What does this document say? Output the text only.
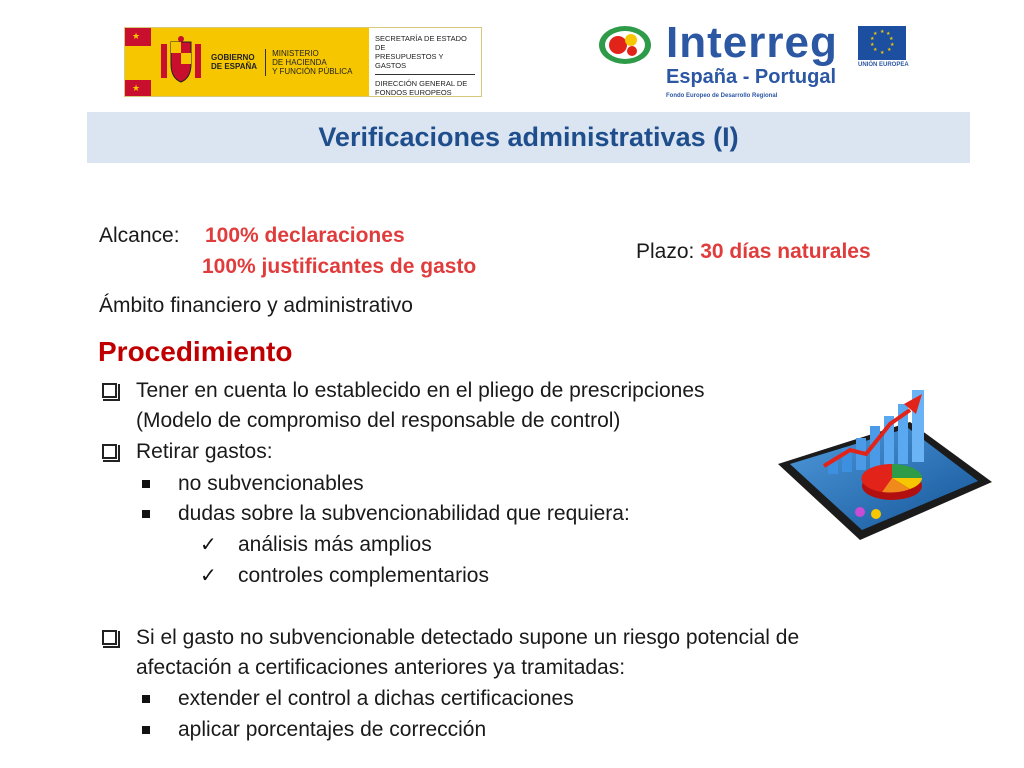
★
★
GOBIERNO
DE ESPAÑA
MINISTERIO
DE HACIENDA
Y FUNCIÓN PÚBLICA
SECRETARÍA DE ESTADO DE
PRESUPUESTOS Y GASTOS
DIRECCIÓN GENERAL DE
FONDOS EUROPEOS
Interreg
España - Portugal
Fondo Europeo de Desarrollo Regional
★ ★
★
★
★
★
★
★
★
★
UNIÓN EUROPEA
Verificaciones administrativas (I)
Alcance: 100% declaraciones
100% justificantes de gasto
Plazo: 30 días naturales
Ámbito financiero y administrativo
Procedimiento
Tener en cuenta lo establecido en el pliego de prescripciones
(Modelo de compromiso del responsable de control)
Retirar gastos:
no subvencionables
dudas sobre la subvencionabilidad que requiera:
✓ análisis más amplios
✓ controles complementarios
Si el gasto no subvencionable detectado supone un riesgo potencial de
afectación a certificaciones anteriores ya tramitadas:
extender el control a dichas certificaciones
aplicar porcentajes de corrección
